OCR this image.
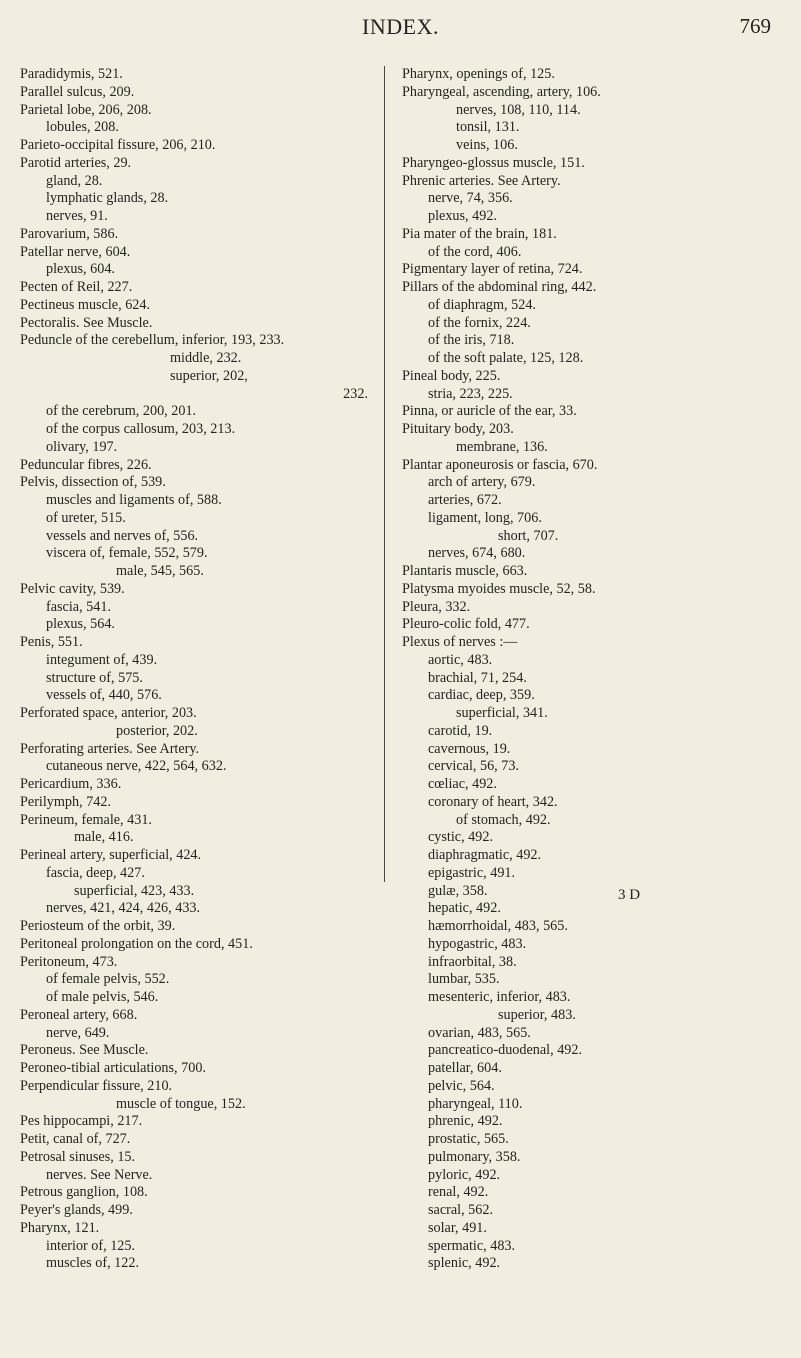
INDEX.	769
Paradidymis, 521.
Parallel sulcus, 209.
Parietal lobe, 206, 208.
lobules, 208.
Parieto-occipital fissure, 206, 210.
Parotid arteries, 29.
gland, 28.
lymphatic glands, 28.
nerves, 91.
Parovarium, 586.
Patellar nerve, 604.
plexus, 604.
Pecten of Reil, 227.
Pectineus muscle, 624.
Pectoralis. See Muscle.
Peduncle of the cerebellum, inferior, 193, 233.
middle, 232.
superior, 202,
232.
of the cerebrum, 200, 201.
of the corpus callosum, 203, 213.
olivary, 197.
Peduncular fibres, 226.
Pelvis, dissection of, 539.
muscles and ligaments of, 588.
of ureter, 515.
vessels and nerves of, 556.
viscera of, female, 552, 579.
male, 545, 565.
Pelvic cavity, 539.
fascia, 541.
plexus, 564.
Penis, 551.
integument of, 439.
structure of, 575.
vessels of, 440, 576.
Perforated space, anterior, 203.
posterior, 202.
Perforating arteries. See Artery.
cutaneous nerve, 422, 564, 632.
Pericardium, 336.
Perilymph, 742.
Perineum, female, 431.
male, 416.
Perineal artery, superficial, 424.
fascia, deep, 427.
superficial, 423, 433.
nerves, 421, 424, 426, 433.
Periosteum of the orbit, 39.
Peritoneal prolongation on the cord, 451.
Peritoneum, 473.
of female pelvis, 552.
of male pelvis, 546.
Peroneal artery, 668.
nerve, 649.
Peroneus. See Muscle.
Peroneo-tibial articulations, 700.
Perpendicular fissure, 210.
muscle of tongue, 152.
Pes hippocampi, 217.
Petit, canal of, 727.
Petrosal sinuses, 15.
nerves. See Nerve.
Petrous ganglion, 108.
Peyer's glands, 499.
Pharynx, 121.
interior of, 125.
muscles of, 122.
Pharynx, openings of, 125.
Pharyngeal, ascending, artery, 106.
nerves, 108, 110, 114.
tonsil, 131.
veins, 106.
Pharyngeo-glossus muscle, 151.
Phrenic arteries. See Artery.
nerve, 74, 356.
plexus, 492.
Pia mater of the brain, 181.
of the cord, 406.
Pigmentary layer of retina, 724.
Pillars of the abdominal ring, 442.
of diaphragm, 524.
of the fornix, 224.
of the iris, 718.
of the soft palate, 125, 128.
Pineal body, 225.
stria, 223, 225.
Pinna, or auricle of the ear, 33.
Pituitary body, 203.
membrane, 136.
Plantar aponeurosis or fascia, 670.
arch of artery, 679.
arteries, 672.
ligament, long, 706.
short, 707.
nerves, 674, 680.
Plantaris muscle, 663.
Platysma myoides muscle, 52, 58.
Pleura, 332.
Pleuro-colic fold, 477.
Plexus of nerves :—
aortic, 483.
brachial, 71, 254.
cardiac, deep, 359.
superficial, 341.
carotid, 19.
cavernous, 19.
cervical, 56, 73.
cœliac, 492.
coronary of heart, 342.
of stomach, 492.
cystic, 492.
diaphragmatic, 492.
epigastric, 491.
gulæ, 358.
hepatic, 492.
hæmorrhoidal, 483, 565.
hypogastric, 483.
infraorbital, 38.
lumbar, 535.
mesenteric, inferior, 483.
superior, 483.
ovarian, 483, 565.
pancreatico-duodenal, 492.
patellar, 604.
pelvic, 564.
pharyngeal, 110.
phrenic, 492.
prostatic, 565.
pulmonary, 358.
pyloric, 492.
renal, 492.
sacral, 562.
solar, 491.
spermatic, 483.
splenic, 492.
3 D
